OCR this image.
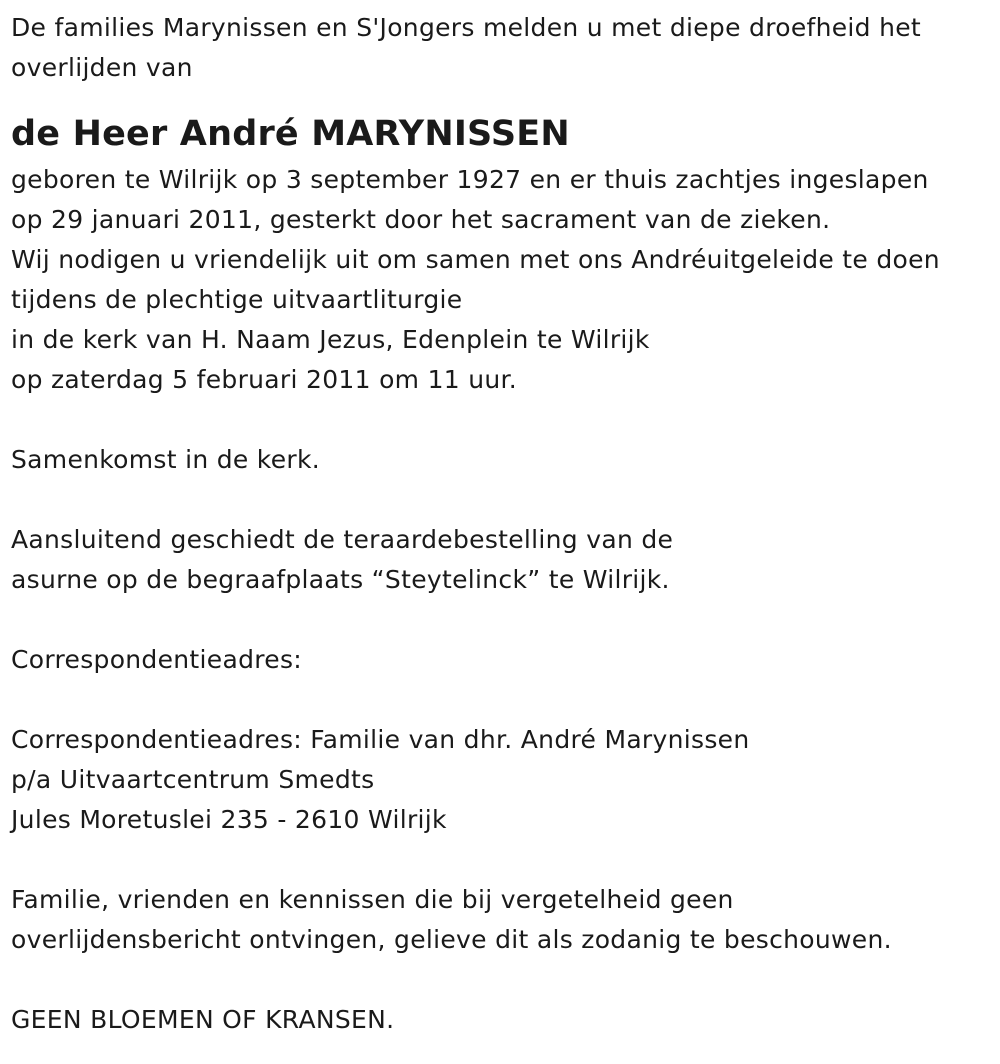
De families Marynissen en S'Jongers melden u met diepe droefheid het
overlijden van
de Heer André MARYNISSEN
geboren te Wilrijk op 3 september 1927 en er thuis zachtjes ingeslapen
op 29 januari 2011, gesterkt door het sacrament van de zieken.
Wij nodigen u vriendelijk uit om samen met ons Andréuitgeleide te doen
tijdens de plechtige uitvaartliturgie
in de kerk van H. Naam Jezus, Edenplein te Wilrijk
op zaterdag 5 februari 2011 om 11 uur.
Samenkomst in de kerk.
Aansluitend geschiedt de teraardebestelling van de
asurne op de begraafplaats “Steytelinck” te Wilrijk.
Correspondentieadres:
Correspondentieadres: Familie van dhr. André Marynissen
p/a Uitvaartcentrum Smedts
Jules Moretuslei 235 - 2610 Wilrijk
Familie, vrienden en kennissen die bij vergetelheid geen
overlijdensbericht ontvingen, gelieve dit als zodanig te beschouwen.
GEEN BLOEMEN OF KRANSEN.
